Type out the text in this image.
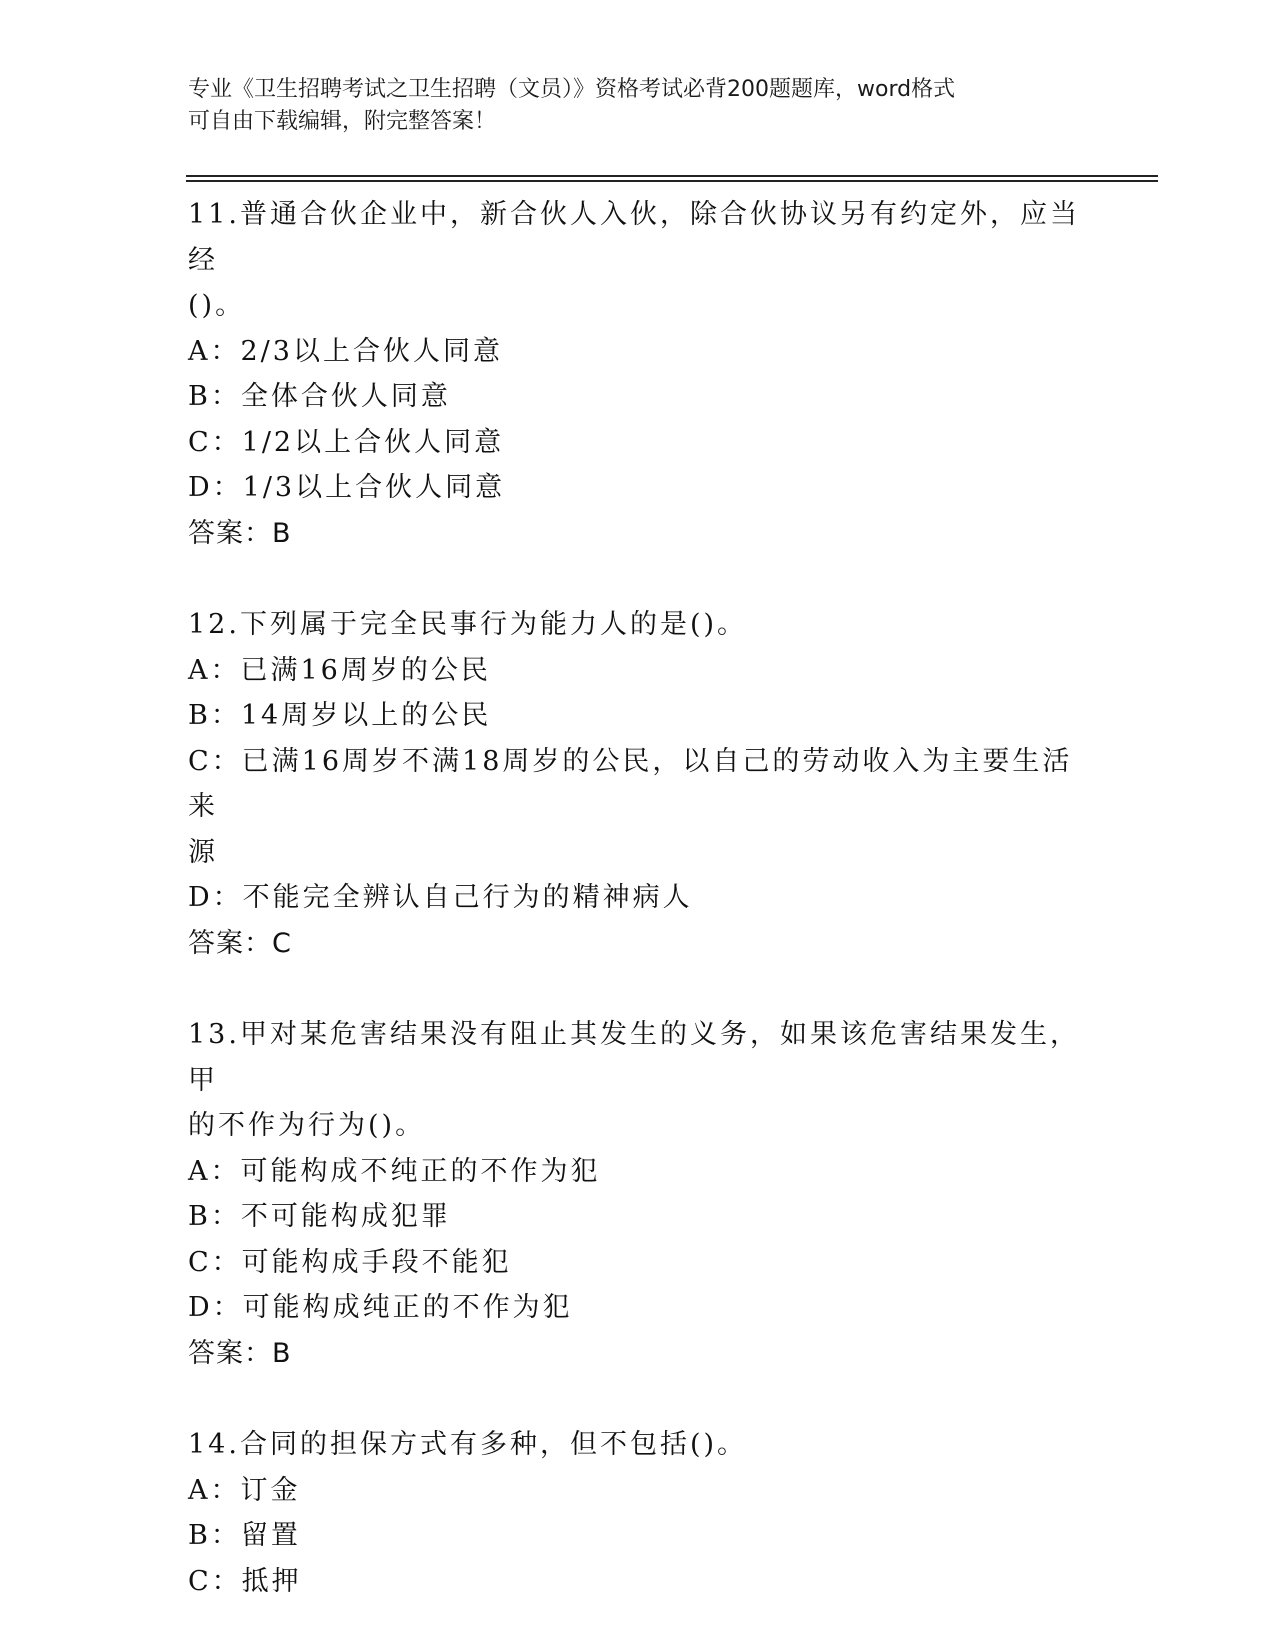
专业《卫生招聘考试之卫生招聘（文员）》资格考试必背200题题库，word格式
可自由下载编辑，附完整答案！
11.普通合伙企业中，新合伙人入伙，除合伙协议另有约定外，应当经
()。
A：2/3以上合伙人同意
B：全体合伙人同意
C：1/2以上合伙人同意
D：1/3以上合伙人同意
答案：B
12.下列属于完全民事行为能力人的是()。
A：已满16周岁的公民
B：14周岁以上的公民
C：已满16周岁不满18周岁的公民，以自己的劳动收入为主要生活来
源
D：不能完全辨认自己行为的精神病人
答案：C
13.甲对某危害结果没有阻止其发生的义务，如果该危害结果发生，甲
的不作为行为()。
A：可能构成不纯正的不作为犯
B：不可能构成犯罪
C：可能构成手段不能犯
D：可能构成纯正的不作为犯
答案：B
14.合同的担保方式有多种，但不包括()。
A：订金
B：留置
C：抵押
